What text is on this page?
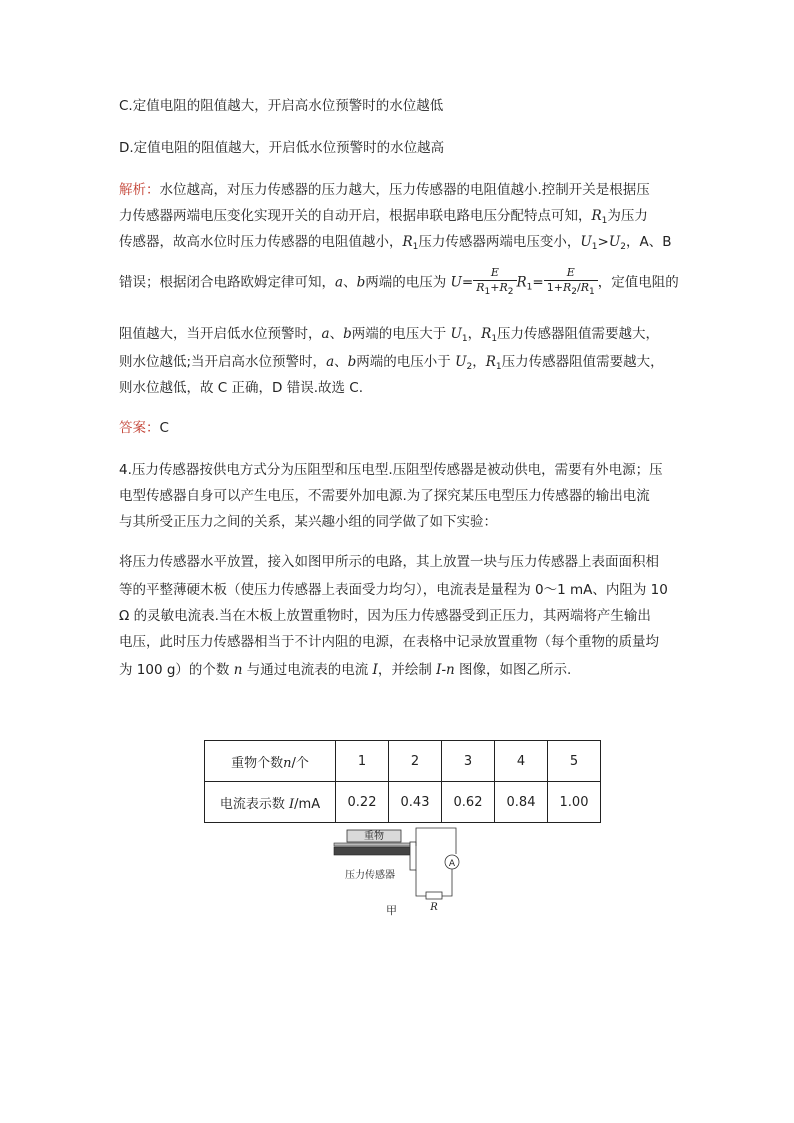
C.定值电阻的阻值越大，开启高水位预警时的水位越低
D.定值电阻的阻值越大，开启低水位预警时的水位越高
解析：水位越高，对压力传感器的压力越大，压力传感器的电阻值越小.控制开关是根据压
力传感器两端电压变化实现开关的自动开启，根据串联电路电压分配特点可知，$R_1$为压力
传感器，故高水位时压力传感器的电阻值越小，$R_1$压力传感器两端电压变小，$U_1>U_2$，A、B
错误；根据闭合电路欧姆定律可知，a、b两端的电压为 $U= \frac{E}{R_1+R_2} R_1= \frac{E}{1+R_2/R_1}$ ，定值电阻的
阻值越大，当开启低水位预警时，a、b两端的电压大于 $U_1$，$R_1$压力传感器阻值需要越大，
则水位越低;当开启高水位预警时，a、b两端的电压小于 $U_2$，$R_1$压力传感器阻值需要越大，
则水位越低，故 C 正确，D 错误.故选 C.
答案：C
4.压力传感器按供电方式分为压阻型和压电型.压阻型传感器是被动供电，需要有外电源；压
电型传感器自身可以产生电压，不需要外加电源.为了探究某压电型压力传感器的输出电流
与其所受正压力之间的关系，某兴趣小组的同学做了如下实验：
将压力传感器水平放置，接入如图甲所示的电路，其上放置一块与压力传感器上表面面积相
等的平整薄硬木板（使压力传感器上表面受力均匀），电流表是量程为 0～1 mA、内阻为 10
Ω 的灵敏电流表.当在木板上放置重物时，因为压力传感器受到正压力，其两端将产生输出
电压，此时压力传感器相当于不计内阻的电源，在表格中记录放置重物（每个重物的质量均
为 100 g）的个数 n 与通过电流表的电流 I，并绘制 I-n 图像，如图乙所示.
重物个数n/个	1	2	3	4	5
电流表示数 I/mA	0.22	0.43	0.62	0.84	1.00
重物
压力传感器
A
R
甲
